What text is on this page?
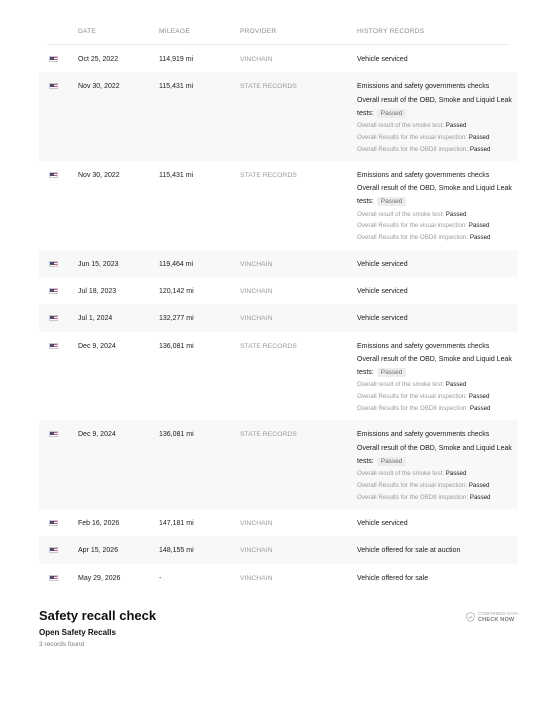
DATE	MILEAGE	PROVIDER	HISTORY RECORDS
Oct 25, 2022	114,919 mi	VINCHAIN	Vehicle serviced
Nov 30, 2022	115,431 mi	STATE RECORDS	Emissions and safety governments checks
Overall result of the OBD, Smoke and Liquid Leak tests: Passed
Overall result of the smoke test: Passed
Overall Results for the visual inspection: Passed
Overall Results for the OBDII inspection: Passed
Nov 30, 2022	115,431 mi	STATE RECORDS	Emissions and safety governments checks
Overall result of the OBD, Smoke and Liquid Leak tests: Passed
Overall result of the smoke test: Passed
Overall Results for the visual inspection: Passed
Overall Results for the OBDII inspection: Passed
Jun 15, 2023	119,464 mi	VINCHAIN	Vehicle serviced
Jul 18, 2023	120,142 mi	VINCHAIN	Vehicle serviced
Jul 1, 2024	132,277 mi	VINCHAIN	Vehicle serviced
Dec 9, 2024	136,081 mi	STATE RECORDS	Emissions and safety governments checks
Overall result of the OBD, Smoke and Liquid Leak tests: Passed
Overall result of the smoke test: Passed
Overall Results for the visual inspection: Passed
Overall Results for the OBDII inspection: Passed
Dec 9, 2024	136,081 mi	STATE RECORDS	Emissions and safety governments checks
Overall result of the OBD, Smoke and Liquid Leak tests: Passed
Overall result of the smoke test: Passed
Overall Results for the visual inspection: Passed
Overall Results for the OBDII inspection: Passed
Feb 16, 2026	147,181 mi	VINCHAIN	Vehicle serviced
Apr 15, 2026	148,155 mi	VINCHAIN	Vehicle offered for sale at auction
May 29, 2026	-	VINCHAIN	Vehicle offered for sale
Safety recall check
Open Safety Recalls
3 records found
CONFIRMED DATA
CHECK NOW
